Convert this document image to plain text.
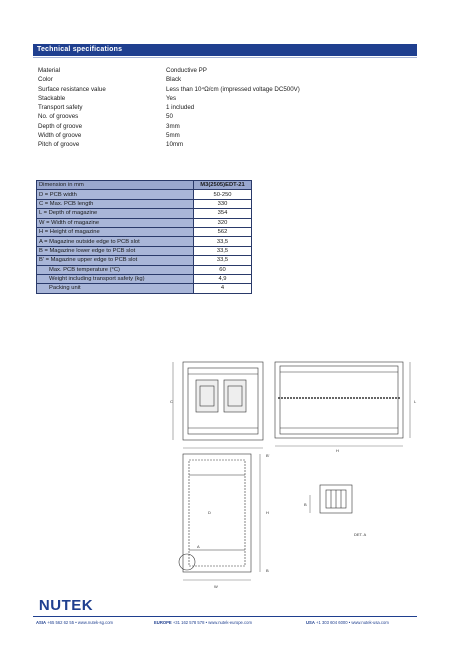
Technical specifications
Material	Conductive PP
Color	Black
Surface resistance value	Less than 10⁴Ω/cm (impressed voltage DC500V)
Stackable	Yes
Transport safety	1 included
No. of grooves	50
Depth of groove	3mm
Width of groove	5mm
Pitch of groove	10mm
Dimension in mm	M3(2505)EDT-21
D = PCB width	50-250
C = Max. PCB length	330
L = Depth of magazine	354
W = Width of magazine	320
H = Height of magazine	562
A = Magazine outside edge to PCB slot	33,5
B = Magazine lower edge to PCB slot	33,5
B' = Magazine upper edge to PCB slot	33,5
Max. PCB temperature (°C)	60
Weight including transport safety (kg)	4,9
Packing unit	4
C	L
H
D	H
B'
B
B
A
W
DET. A
NUTEK
ASIA +65 562 62 55 • www.nutek-sg.com	EUROPE +31 162 578 578 • www.nutek-europe.com	USA +1 303 604 6000 • www.nutek-usa.com
